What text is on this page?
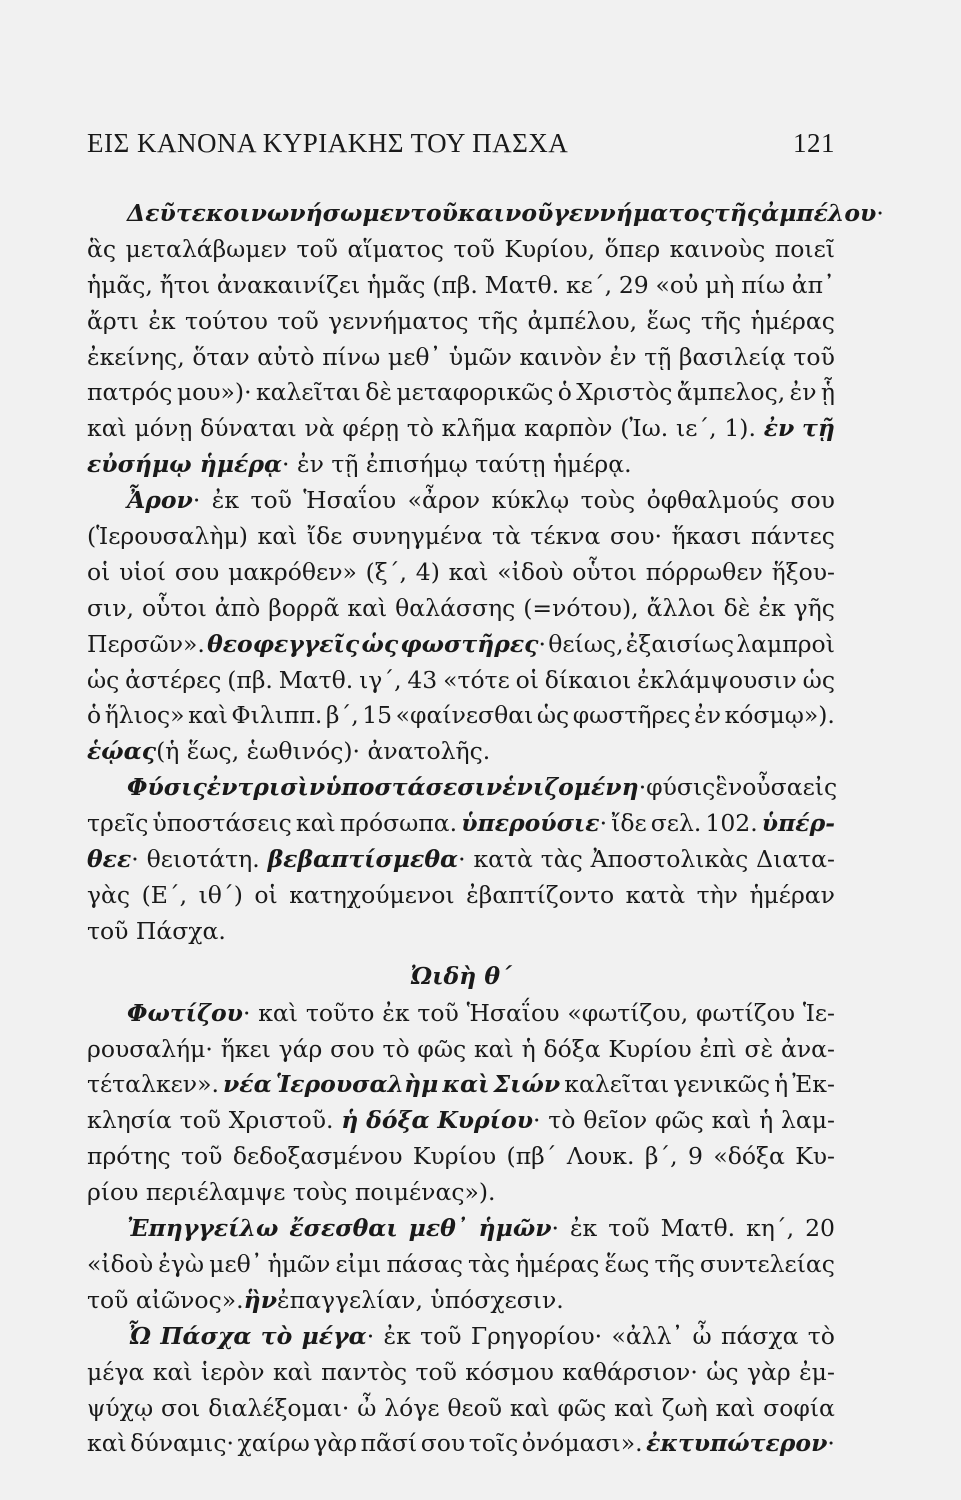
ΕΙΣ ΚΑΝΟΝΑ ΚΥΡΙΑΚΗΣ ΤΟΥ ΠΑΣΧΑ	121
Δεῦτε κοινωνήσωμεν τοῦ καινοῦ γεννήματος τῆς ἀμπέλου·
ἃς μεταλάβωμεν τοῦ αἵματος τοῦ Κυρίου, ὅπερ καινοὺς ποιεῖ
ἡμᾶς, ἤτοι ἀνακαινίζει ἡμᾶς (πβ. Ματθ. κε΄, 29 «οὐ μὴ πίω ἀπ᾿
ἄρτι ἐκ τούτου τοῦ γεννήματος τῆς ἀμπέλου, ἕως τῆς ἡμέρας
ἐκείνης, ὅταν αὐτὸ πίνω μεθ᾿ ὑμῶν καινὸν ἐν τῇ βασιλείᾳ τοῦ
πατρός μου»)· καλεῖται δὲ μεταφορικῶς ὁ Χριστὸς ἄμπελος, ἐν ᾗ
καὶ μόνῃ δύναται νὰ φέρῃ τὸ κλῆμα καρπὸν (Ἰω. ιε΄, 1). ἐν τῇ
εὐσήμῳ ἡμέρᾳ · ἐν τῇ ἐπισήμῳ ταύτῃ ἡμέρᾳ.
Ἆρον· ἐκ τοῦ Ἡσαΐου «ἆρον κύκλῳ τοὺς ὀφθαλμούς σου
(Ἱερουσαλὴμ) καὶ ἴδε συνηγμένα τὰ τέκνα σου· ἥκασι πάντες
οἱ υἱοί σου μακρόθεν» (ξ΄, 4) καὶ «ἰδοὺ οὗτοι πόρρωθεν ἥξου-
σιν, οὗτοι ἀπὸ βορρᾶ καὶ θαλάσσης (=νότου), ἄλλοι δὲ ἐκ γῆς
Περσῶν». θεοφεγγεῖς ὡς φωστῆρες· θείως, ἐξαισίως λαμπροὶ
ὡς ἀστέρες (πβ. Ματθ. ιγ΄, 43 «τότε οἱ δίκαιοι ἐκλάμψουσιν ὡς
ὁ ἥλιος» καὶ Φιλιππ. β΄, 15 «φαίνεσθαι ὡς φωστῆρες ἐν κόσμῳ»).
ἑῴας (ἡ ἕως, ἑωθινός)· ἀνατολῆς.
Φύσις ἐν τρισὶν ὑποστάσεσιν ἑνιζομένη· φύσις ἓν οὖσα εἰς
τρεῖς ὑποστάσεις καὶ πρόσωπα. ὑπερούσιε· ἴδε σελ. 102. ὑπέρ-
θεε· θειοτάτη. βεβαπτίσμεθα· κατὰ τὰς Ἀποστολικὰς Διατα-
γὰς (Ε΄, ιθ΄) οἱ κατηχούμενοι ἐβαπτίζοντο κατὰ τὴν ἡμέραν
τοῦ Πάσχα.
Ὠιδὴ θ΄
Φωτίζου· καὶ τοῦτο ἐκ τοῦ Ἡσαΐου «φωτίζου, φωτίζου Ἱε-
ρουσαλήμ· ἥκει γάρ σου τὸ φῶς καὶ ἡ δόξα Κυρίου ἐπὶ σὲ ἀνα-
τέταλκεν». νέα Ἱερουσαλὴμ καὶ Σιών καλεῖται γενικῶς ἡ Ἐκ-
κλησία τοῦ Χριστοῦ. ἡ δόξα Κυρίου· τὸ θεῖον φῶς καὶ ἡ λαμ-
πρότης τοῦ δεδοξασμένου Κυρίου (πβ΄ Λουκ. β΄, 9 «δόξα Κυ-
ρίου περιέλαμψε τοὺς ποιμένας»).
Ἐπηγγείλω ἔσεσθαι μεθ᾿ ἡμῶν· ἐκ τοῦ Ματθ. κη΄, 20
«ἰδοὺ ἐγὼ μεθ᾿ ἡμῶν εἰμι πάσας τὰς ἡμέρας ἕως τῆς συντελείας
τοῦ αἰῶνος». ἣν ἐπαγγελίαν, ὑπόσχεσιν.
Ὦ Πάσχα τὸ μέγα· ἐκ τοῦ Γρηγορίου· «ἀλλ᾿ ὦ πάσχα τὸ
μέγα καὶ ἱερὸν καὶ παντὸς τοῦ κόσμου καθάρσιον· ὡς γὰρ ἐμ-
ψύχῳ σοι διαλέξομαι· ὦ λόγε θεοῦ καὶ φῶς καὶ ζωὴ καὶ σοφία
καὶ δύναμις· χαίρω γὰρ πᾶσί σου τοῖς ὀνόμασι». ἐκτυπώτερον·
